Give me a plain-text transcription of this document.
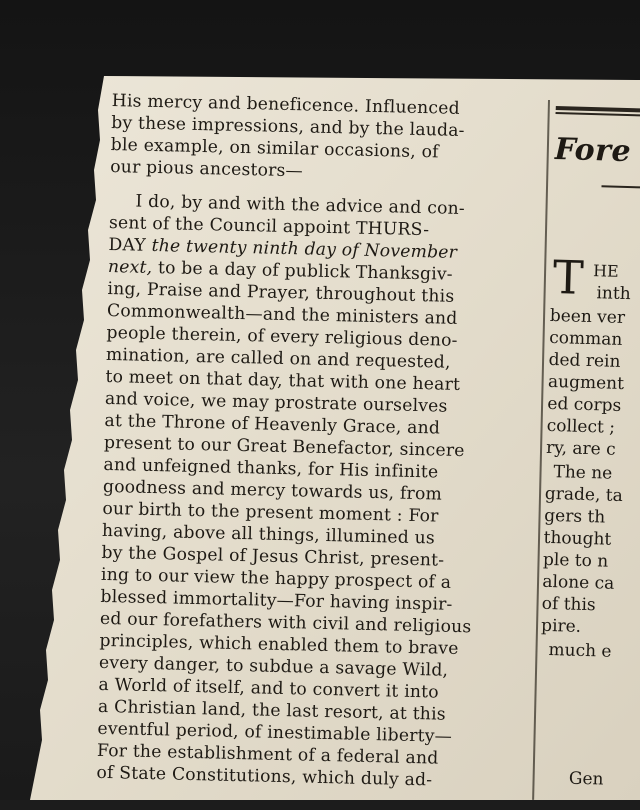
His mercy and beneficence. Influenced
by these impressions, and by the lauda-
ble example, on similar occasions, of
our pious ancestors—
I do, by and with the advice and con-
sent of the Council appoint THURS-
DAY the twenty ninth day of November
next, to be a day of publick Thanksgiv-
ing, Praise and Prayer, throughout this
Commonwealth—and the ministers and
people therein, of every religious deno-
mination, are called on and requested,
to meet on that day, that with one heart
and voice, we may prostrate ourselves
at the Throne of Heavenly Grace, and
present to our Great Benefactor, sincere
and unfeigned thanks, for His infinite
goodness and mercy towards us, from
our birth to the present moment : For
having, above all things, illumined us
by the Gospel of Jesus Christ, present-
ing to our view the happy prospect of a
blessed immortality—For having inspir-
ed our forefathers with civil and religious
principles, which enabled them to brave
every danger, to subdue a savage Wild,
a World of itself, and to convert it into
a Christian land, the last resort, at this
eventful period, of inestimable liberty—
For the establishment of a federal and
of State Constitutions, which duly ad-
Fore
T HE
inth
been ver
comman
ded rein
augment
ed corps
collect ;
ry, are c
The ne
grade, ta
gers th
thought
ple to n
alone ca
of this
pire.
much e
Gen
